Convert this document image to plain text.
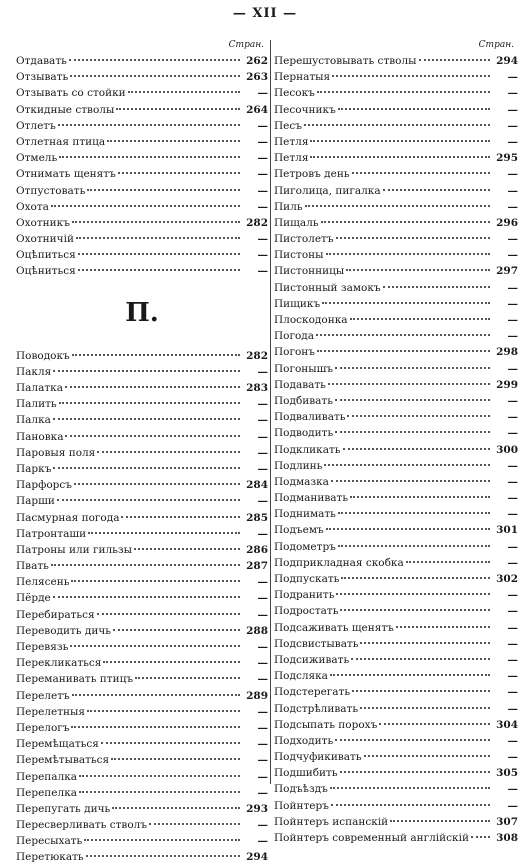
— XII —
Стран.
Отдавать	262
Отзывать	263
Отзывать со стойки	—
Откидные стволы	264
Отлетъ	—
Отлетная птица	—
Отмель	—
Отнимать щенятъ	—
Отпустовать	—
Охота	—
Охотникъ	282
Охотничій	—
Оцѣпиться	—
Оцѣниться	—
П.
Поводокъ	282
Пакля	—
Палатка	283
Палить	—
Палка	—
Пановка	—
Паровыя поля	—
Паркъ	—
Парфорсъ	284
Парши	—
Пасмурная погода	285
Патронташи	—
Патроны или гильзы	286
Пвать	287
Пелясень	—
Пёрде	—
Перебираться	—
Переводить дичь	288
Перевязь	—
Перекликаться	—
Переманивать птицъ	—
Перелетъ	289
Перелетныя	—
Перелогъ	—
Перемѣщаться	—
Перемѣтываться	—
Перепалка	—
Перепелка	—
Перепугать дичь	293
Пересверливать стволъ	—
Пересыхать	—
Перетюкать	294
Стран.
Перешустовывать стволы	294
Пернатыя	—
Песокъ	—
Песочникъ	—
Песъ	—
Петля	—
Петля	295
Петровъ день	—
Пиголица, пигалка	—
Пиль	—
Пищаль	296
Пистолетъ	—
Пистоны	—
Пистонницы	297
Пистонный замокъ	—
Пищикъ	—
Плоскодонка	—
Погода	—
Погонъ	298
Погонышъ	—
Подавать	299
Подбивать	—
Подваливать	—
Подводить	—
Подкликать	300
Подлинь	—
Подмазка	—
Подманивать	—
Поднимать	—
Подъемъ	301
Подометръ	—
Подприкладная скобка	—
Подпускать	302
Подранить	—
Подростать	—
Подсаживать щенятъ	—
Подсвистывать	—
Подсиживать	—
Подсляка	—
Подстерегать	—
Подстрѣливать	—
Подсыпать порохъ	304
Подходить	—
Подчуфикивать	—
Подшибить	305
Подъѣздъ	—
Пойнтеръ	—
Пойнтеръ испанскій	307
Пойнтеръ современный англійскій	308
